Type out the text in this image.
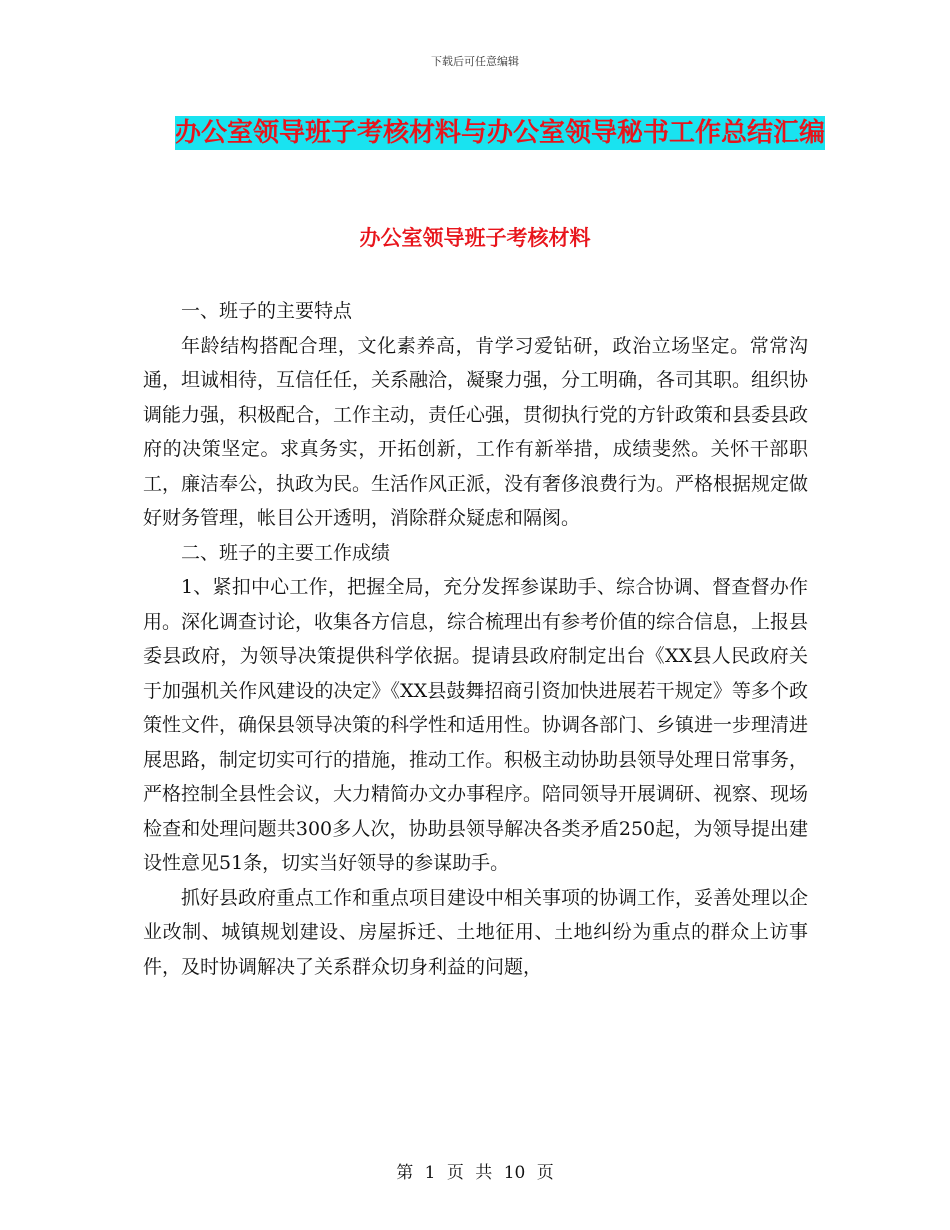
下载后可任意编辑
办公室领导班子考核材料与办公室领导秘书工作总结汇编
办公室领导班子考核材料

一、班子的主要特点

年龄结构搭配合理，文化素养高，肯学习爱钻研，政治立场坚定。常常沟通，坦诚相待，互信任任，关系融洽，凝聚力强，分工明确，各司其职。组织协调能力强，积极配合，工作主动，责任心强，贯彻执行党的方针政策和县委县政府的决策坚定。求真务实，开拓创新，工作有新举措，成绩斐然。关怀干部职工，廉洁奉公，执政为民。生活作风正派，没有奢侈浪费行为。严格根据规定做好财务管理，帐目公开透明，消除群众疑虑和隔阂。

二、班子的主要工作成绩

1、紧扣中心工作，把握全局，充分发挥参谋助手、综合协调、督查督办作用。深化调查讨论，收集各方信息，综合梳理出有参考价值的综合信息，上报县委县政府，为领导决策提供科学依据。提请县政府制定出台《XX县人民政府关于加强机关作风建设的决定》《XX县鼓舞招商引资加快进展若干规定》等多个政策性文件，确保县领导决策的科学性和适用性。协调各部门、乡镇进一步理清进展思路，制定切实可行的措施，推动工作。积极主动协助县领导处理日常事务，严格控制全县性会议，大力精简办文办事程序。陪同领导开展调研、视察、现场检查和处理问题共300多人次，协助县领导解决各类矛盾250起，为领导提出建设性意见51条，切实当好领导的参谋助手。

抓好县政府重点工作和重点项目建设中相关事项的协调工作，妥善处理以企业改制、城镇规划建设、房屋拆迁、土地征用、土地纠纷为重点的群众上访事件，及时协调解决了关系群众切身利益的问题，

第 1 页 共 10 页
